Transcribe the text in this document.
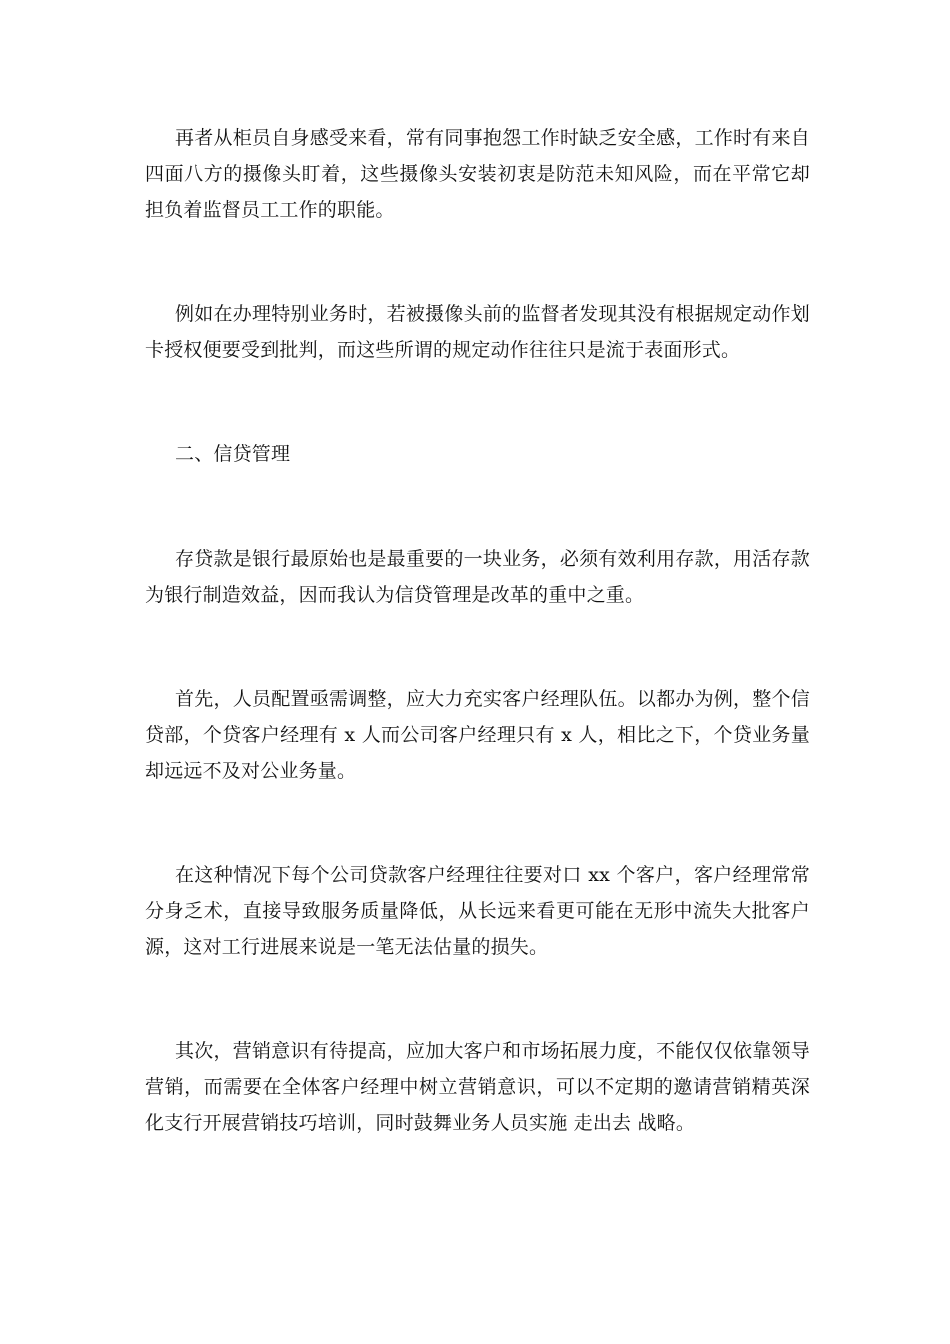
再者从柜员自身感受来看，常有同事抱怨工作时缺乏安全感，工作时有来自四面八方的摄像头盯着，这些摄像头安装初衷是防范未知风险，而在平常它却担负着监督员工工作的职能。

例如在办理特别业务时，若被摄像头前的监督者发现其没有根据规定动作划卡授权便要受到批判，而这些所谓的规定动作往往只是流于表面形式。

二、信贷管理

存贷款是银行最原始也是最重要的一块业务，必须有效利用存款，用活存款为银行制造效益，因而我认为信贷管理是改革的重中之重。

首先，人员配置亟需调整，应大力充实客户经理队伍。以都办为例，整个信贷部，个贷客户经理有 x 人而公司客户经理只有 x 人，相比之下，个贷业务量却远远不及对公业务量。

在这种情况下每个公司贷款客户经理往往要对口 xx 个客户，客户经理常常分身乏术，直接导致服务质量降低，从长远来看更可能在无形中流失大批客户源，这对工行进展来说是一笔无法估量的损失。

其次，营销意识有待提高，应加大客户和市场拓展力度，不能仅仅依靠领导营销，而需要在全体客户经理中树立营销意识，可以不定期的邀请营销精英深化支行开展营销技巧培训，同时鼓舞业务人员实施 走出去 战略。
